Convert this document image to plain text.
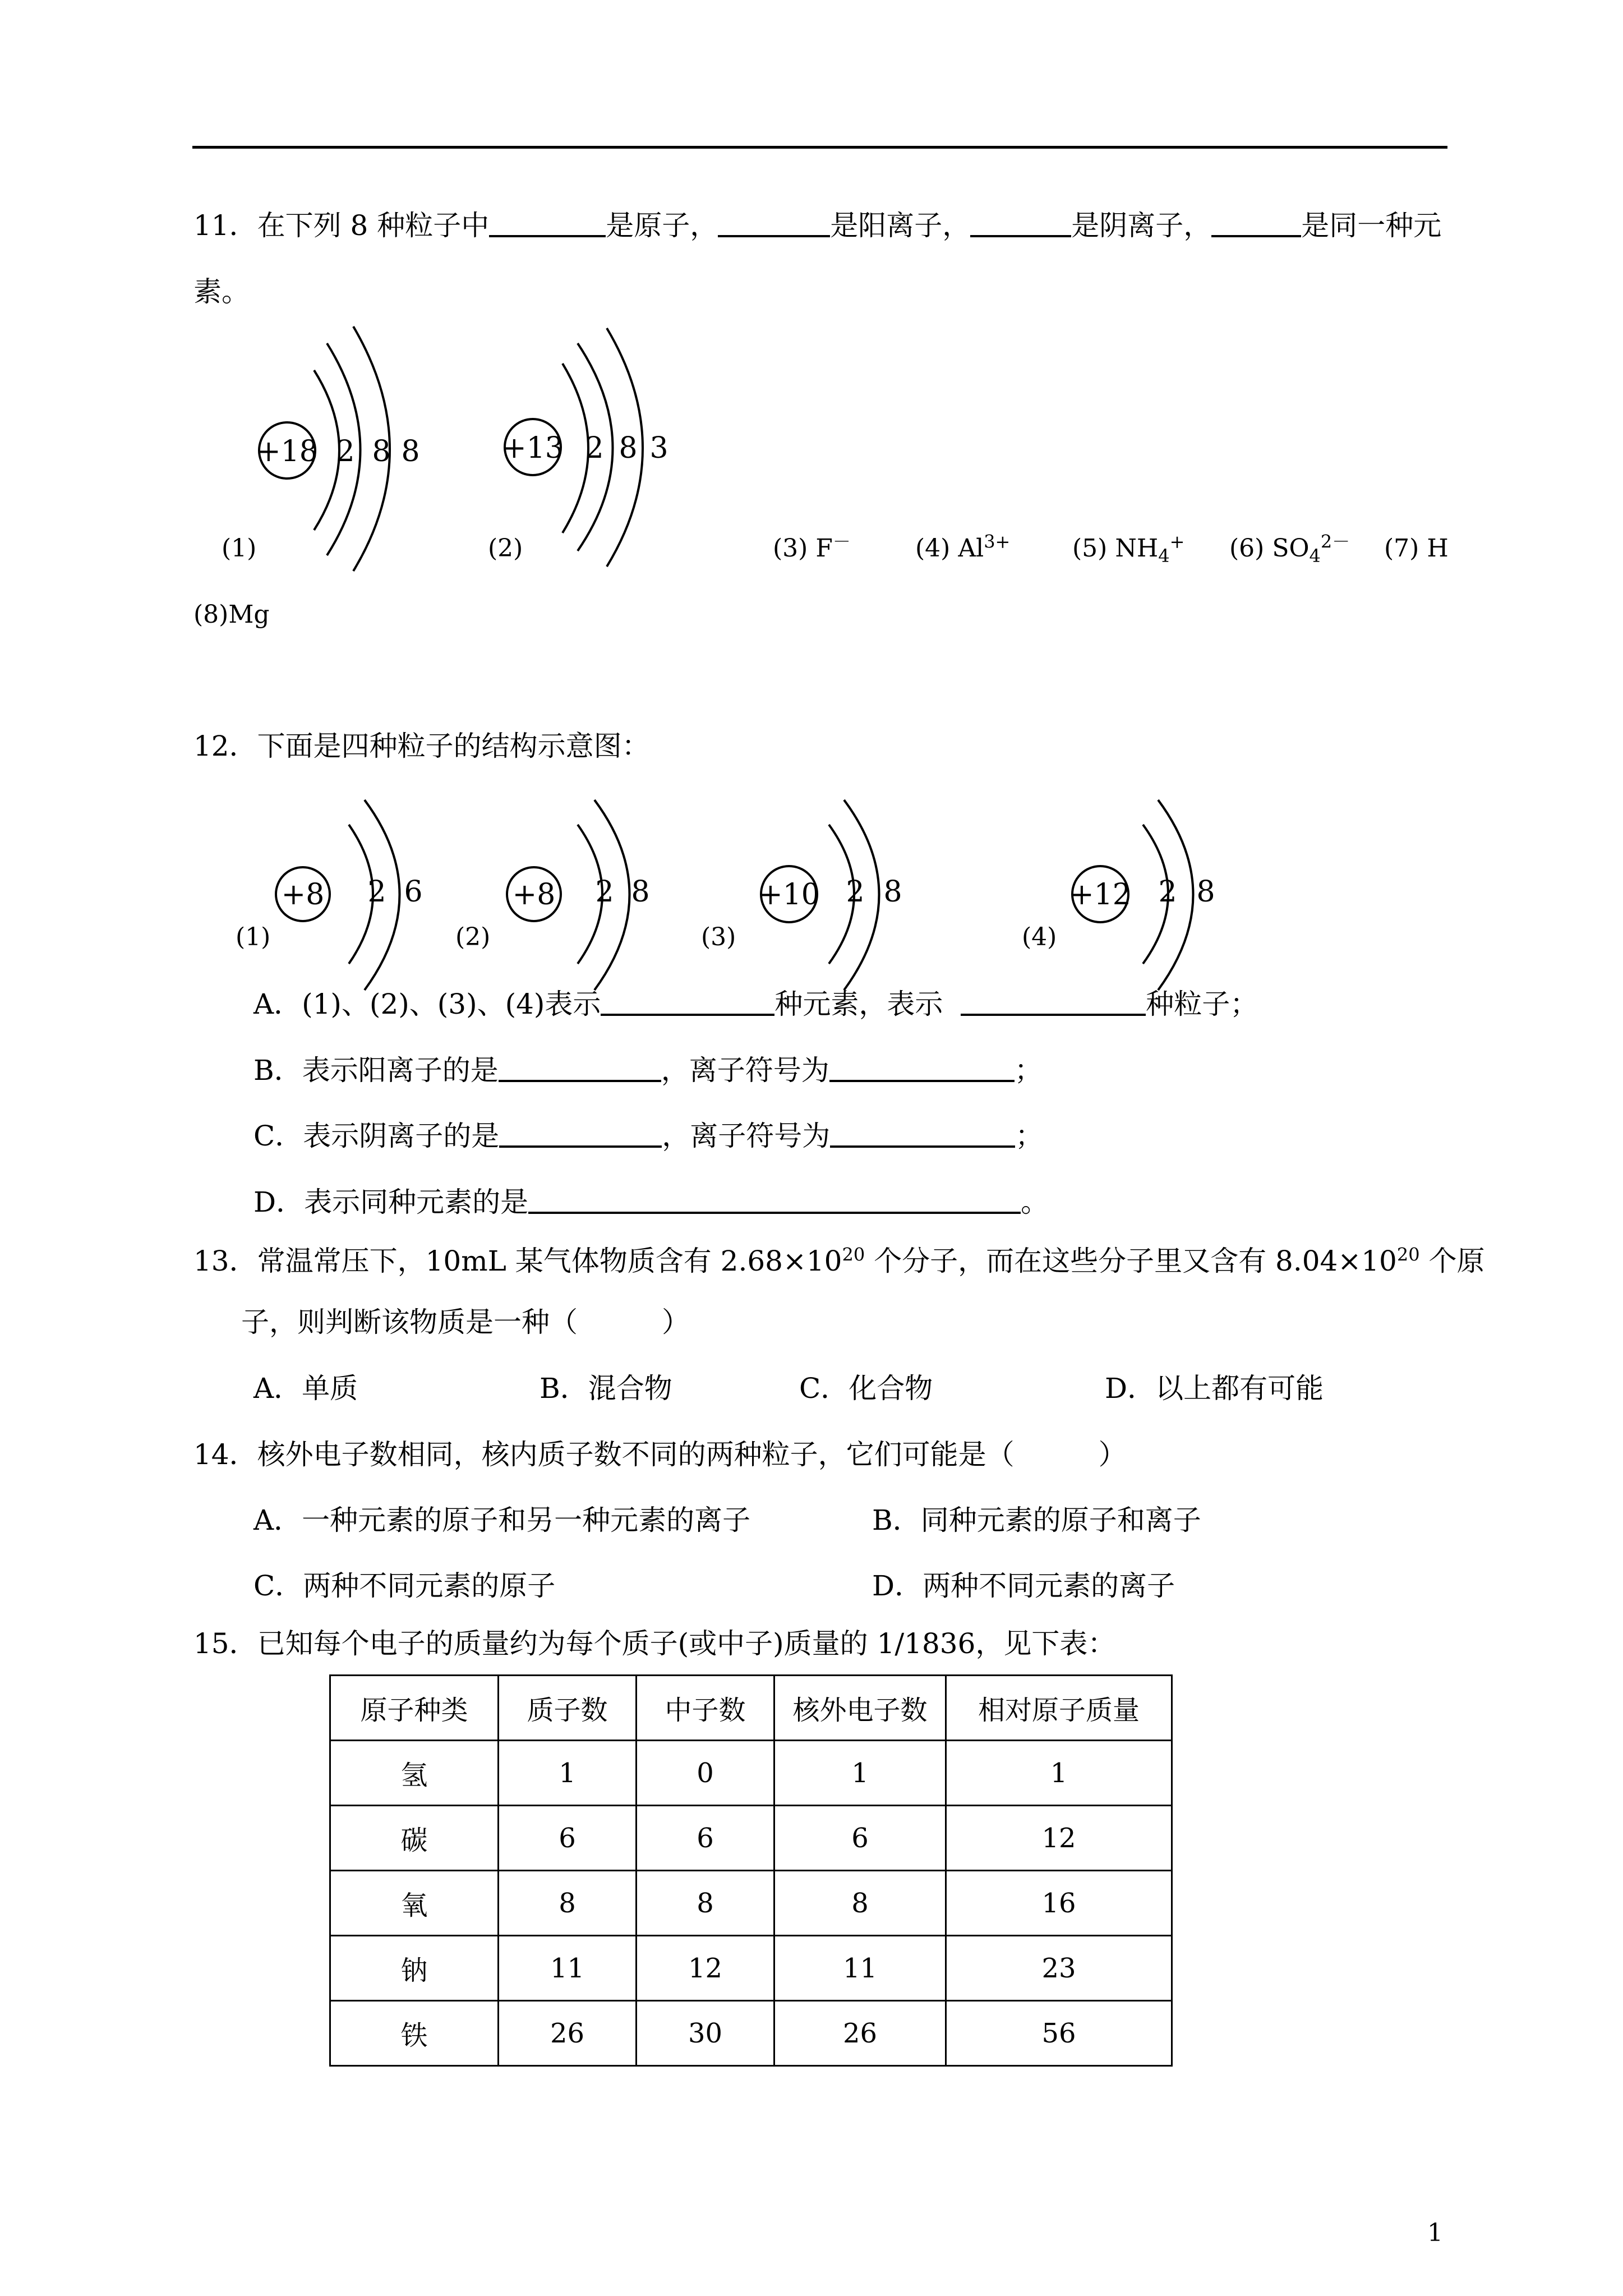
11．在下列 8 种粒子中	是原子，	是阳离子，	是阴离子，	是同一种元
素。
+18 2 8 8	+13 2 8 3
+8 2 6	+8 2 8	+10 2 8	+12 2 8
(1)	(2)	(3) F－	(4) $Al^{3+}$	(5) $NH_4^+$ (6) $SO_4^{2-}$ (7) H
(8)Mg
12．下面是四种粒子的结构示意图：
(1)	(2)	(3)	(4)
A．(1)、(2)、(3)、(4)表示	种元素，表示	种粒子；
B．表示阳离子的是	，离子符号为	；
C．表示阴离子的是	，离子符号为	；
D．表示同种元素的是	。
13．常温常压下，10mL 某气体物质含有 $2.68\times 10^{20}$ 个分子，而在这些分子里又含有 $8.04\times 10^{20}$ 个原
子，则判断该物质是一种（　　　）
A．单质	B．混合物	C．化合物	D．以上都有可能
14．核外电子数相同，核内质子数不同的两种粒子，它们可能是（　　　）
A．一种元素的原子和另一种元素的离子	B．同种元素的原子和离子
C．两种不同元素的原子	D．两种不同元素的离子
15．已知每个电子的质量约为每个质子(或中子)质量的 1/1836，见下表：
原子种类	质子数	中子数	核外电子数	相对原子质量
氢	1	0	1	1
碳	6	6	6	12
氧	8	8	8	16
钠	11	12	11	23
铁	26	30	26	56
1
